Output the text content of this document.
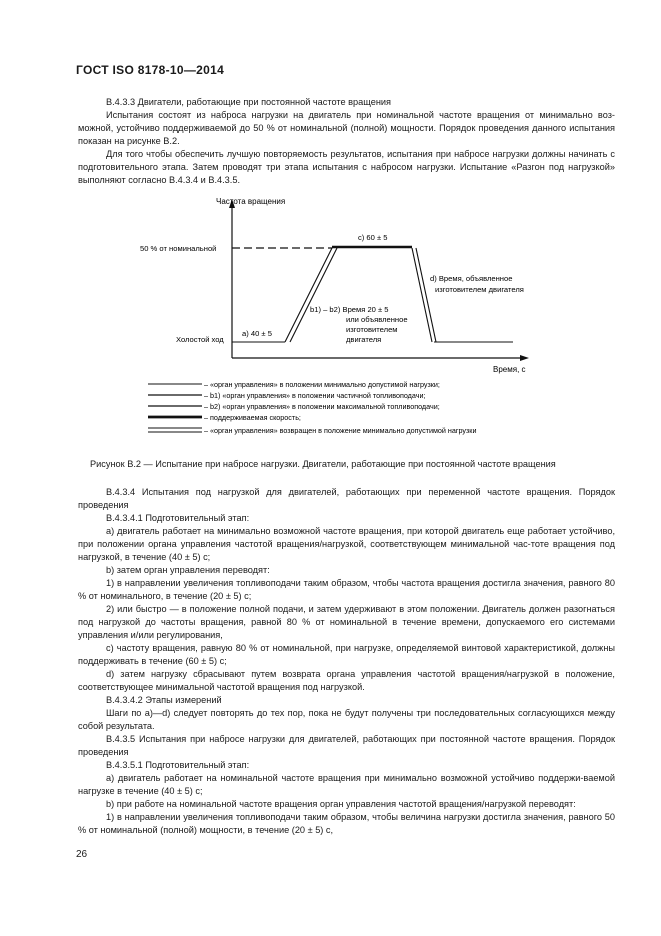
ГОСТ ISO 8178-10—2014

В.4.3.3 Двигатели, работающие при постоянной частоте вращения

Испытания состоят из наброса нагрузки на двигатель при номинальной частоте вращения от минимально воз-можной, устойчиво поддерживаемой до 50 % от номинальной (полной) мощности. Порядок проведения данного испытания показан на рисунке В.2.

Для того чтобы обеспечить лучшую повторяемость результатов, испытания при набросе нагрузки должны начинать с подготовительного этапа. Затем проводят три этапа испытания с набросом нагрузки. Испытание «Разгон под нагрузкой» выполняют согласно В.4.3.4 и В.4.3.5.

Частота вращения
Время, с
50 % от номинальной
Холостой ход
а) 40 ± 5
b1) – b2) Время 20 ± 5
или объявленное
изготовителем
двигателя
с) 60 ± 5
d) Время, объявленное
изготовителем двигателя
– «орган управления» в положении минимально допустимой нагрузки;
– b1) «орган управления» в положении частичной топливоподачи;
– b2) «орган управления» в положении максимальной топливоподачи;
– поддерживаемая скорость;
– «орган управления» возвращен в положение минимально допустимой нагрузки
Рисунок В.2 — Испытание при набросе нагрузки. Двигатели, работающие при постоянной частоте вращения

В.4.3.4 Испытания под нагрузкой для двигателей, работающих при переменной частоте вращения. Порядок проведения

В.4.3.4.1 Подготовительный этап:

а) двигатель работает на минимально возможной частоте вращения, при которой двигатель еще работает устойчиво, при положении органа управления частотой вращения/нагрузкой, соответствующем минимальной час-тоте вращения под нагрузкой, в течение (40 ± 5) с;

b) затем орган управления переводят:

1) в направлении увеличения топливоподачи таким образом, чтобы частота вращения достигла значения, равного 80 % от номинального, в течение (20 ± 5) с;

2) или быстро — в положение полной подачи, и затем удерживают в этом положении. Двигатель должен разогнаться под нагрузкой до частоты вращения, равной 80 % от номинальной в течение времени, допускаемого его системами управления и/или регулирования,

с) частоту вращения, равную 80 % от номинальной, при нагрузке, определяемой винтовой характеристикой, должны поддерживать в течение (60 ± 5) с;

d) затем нагрузку сбрасывают путем возврата органа управления частотой вращения/нагрузкой в положение, соответствующее минимальной частотой вращения под нагрузкой.

В.4.3.4.2 Этапы измерений

Шаги по а)—d) следует повторять до тех пор, пока не будут получены три последовательных согласующихся между собой результата.

В.4.3.5 Испытания при набросе нагрузки для двигателей, работающих при постоянной частоте вращения. Порядок проведения

В.4.3.5.1 Подготовительный этап:

а) двигатель работает на номинальной частоте вращения при минимально возможной устойчиво поддержи-ваемой нагрузке в течение (40 ± 5) с;

b) при работе на номинальной частоте вращения орган управления частотой вращения/нагрузкой переводят:

1) в направлении увеличения топливоподачи таким образом, чтобы величина нагрузки достигла значения, равного 50 % от номинальной (полной) мощности, в течение (20 ± 5) с,

26
